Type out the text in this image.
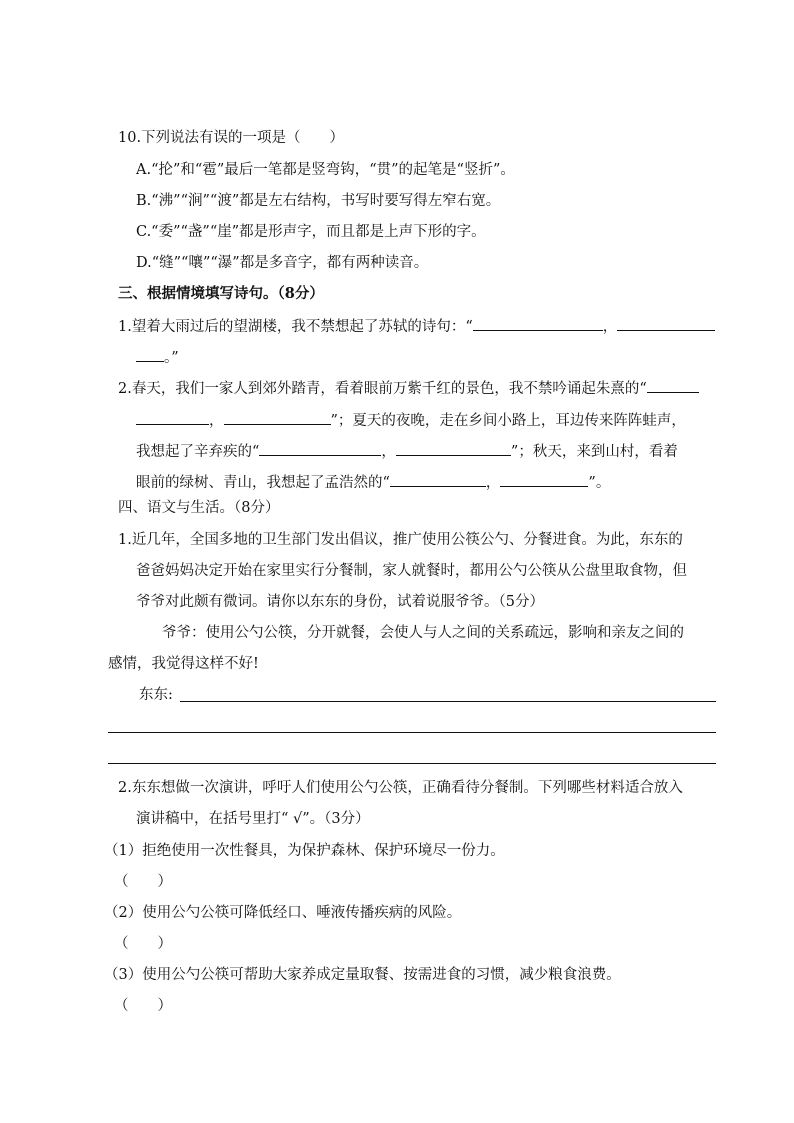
10.下列说法有误的一项是（　　）
A.“抡”和“雹”最后一笔都是竖弯钩，“贯”的起笔是“竖折”。
B.“沸”“涧”“渡”都是左右结构，书写时要写得左窄右宽。
C.“委”“盏”“崖”都是形声字，而且都是上声下形的字。
D.“缝”“嚷”“瀑”都是多音字，都有两种读音。
三、根据情境填写诗句。（8分）
1.望着大雨过后的望湖楼，我不禁想起了苏轼的诗句：“	，
。”
2.春天，我们一家人到郊外踏青，看着眼前万紫千红的景色，我不禁吟诵起朱熹的“
，	”；夏天的夜晚，走在乡间小路上，耳边传来阵阵蛙声，
我想起了辛弃疾的“	，	”；秋天，来到山村，看着
眼前的绿树、青山，我想起了孟浩然的“	，	”。
四、语文与生活。（8分）
1.近几年，全国多地的卫生部门发出倡议，推广使用公筷公勺、分餐进食。为此，东东的
爸爸妈妈决定开始在家里实行分餐制，家人就餐时，都用公勺公筷从公盘里取食物，但
爷爷对此颇有微词。请你以东东的身份，试着说服爷爷。（5分）
爷爷：使用公勺公筷，分开就餐，会使人与人之间的关系疏远，影响和亲友之间的
感情，我觉得这样不好!
东东:
2.东东想做一次演讲，呼吁人们使用公勺公筷，正确看待分餐制。下列哪些材料适合放入
演讲稿中，在括号里打“ √”。（3分）
（1）拒绝使用一次性餐具，为保护森林、保护环境尽一份力。
（　　）
（2）使用公勺公筷可降低经口、唾液传播疾病的风险。
（　　）
（3）使用公勺公筷可帮助大家养成定量取餐、按需进食的习惯，减少粮食浪费。
（　　）
